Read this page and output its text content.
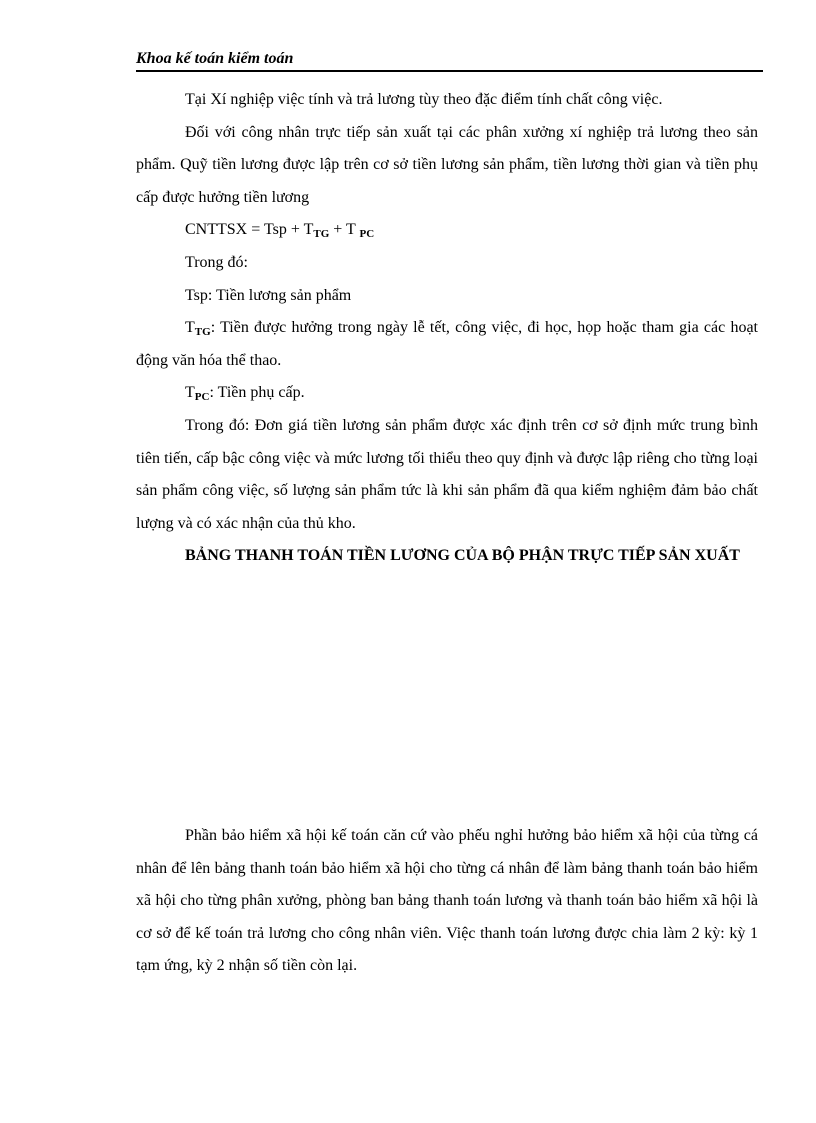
Khoa kế toán kiểm toán

Tại Xí nghiệp việc tính và trả lương tùy theo đặc điểm tính chất công việc.

Đối với công nhân trực tiếp sản xuất tại các phân xưởng xí nghiệp trả lương theo sản phẩm. Quỹ tiền lương được lập trên cơ sở tiền lương sản phẩm, tiền lương thời gian và tiền phụ cấp được hưởng tiền lương

CNTTSX = Tsp + $T_{TG} + T$ $_{PC}$

Trong đó:

Tsp: Tiền lương sản phẩm

$T_{TG}$: Tiền được hưởng trong ngày lễ tết, công việc, đi học, họp hoặc tham gia các hoạt động văn hóa thể thao.

$T_{PC}$: Tiền phụ cấp.

Trong đó: Đơn giá tiền lương sản phẩm được xác định trên cơ sở định mức trung bình tiên tiến, cấp bậc công việc và mức lương tối thiểu theo quy định và được lập riêng cho từng loại sản phẩm công việc, số lượng sản phẩm tức là khi sản phẩm đã qua kiểm nghiệm đảm bảo chất lượng và có xác nhận của thủ kho.

BẢNG THANH TOÁN TIỀN LƯƠNG CỦA BỘ PHẬN TRỰC TIẾP SẢN XUẤT

Phần bảo hiểm xã hội kế toán căn cứ vào phếu nghỉ hưởng bảo hiểm xã hội của từng cá nhân để lên bảng thanh toán bảo hiểm xã hội cho từng cá nhân để làm bảng thanh toán bảo hiểm xã hội cho từng phân xưởng, phòng ban bảng thanh toán lương và thanh toán bảo hiểm xã hội là cơ sở để kế toán trả lương cho công nhân viên. Việc thanh toán lương được chia làm 2 kỳ: kỳ 1 tạm ứng, kỳ 2 nhận số tiền còn lại.
